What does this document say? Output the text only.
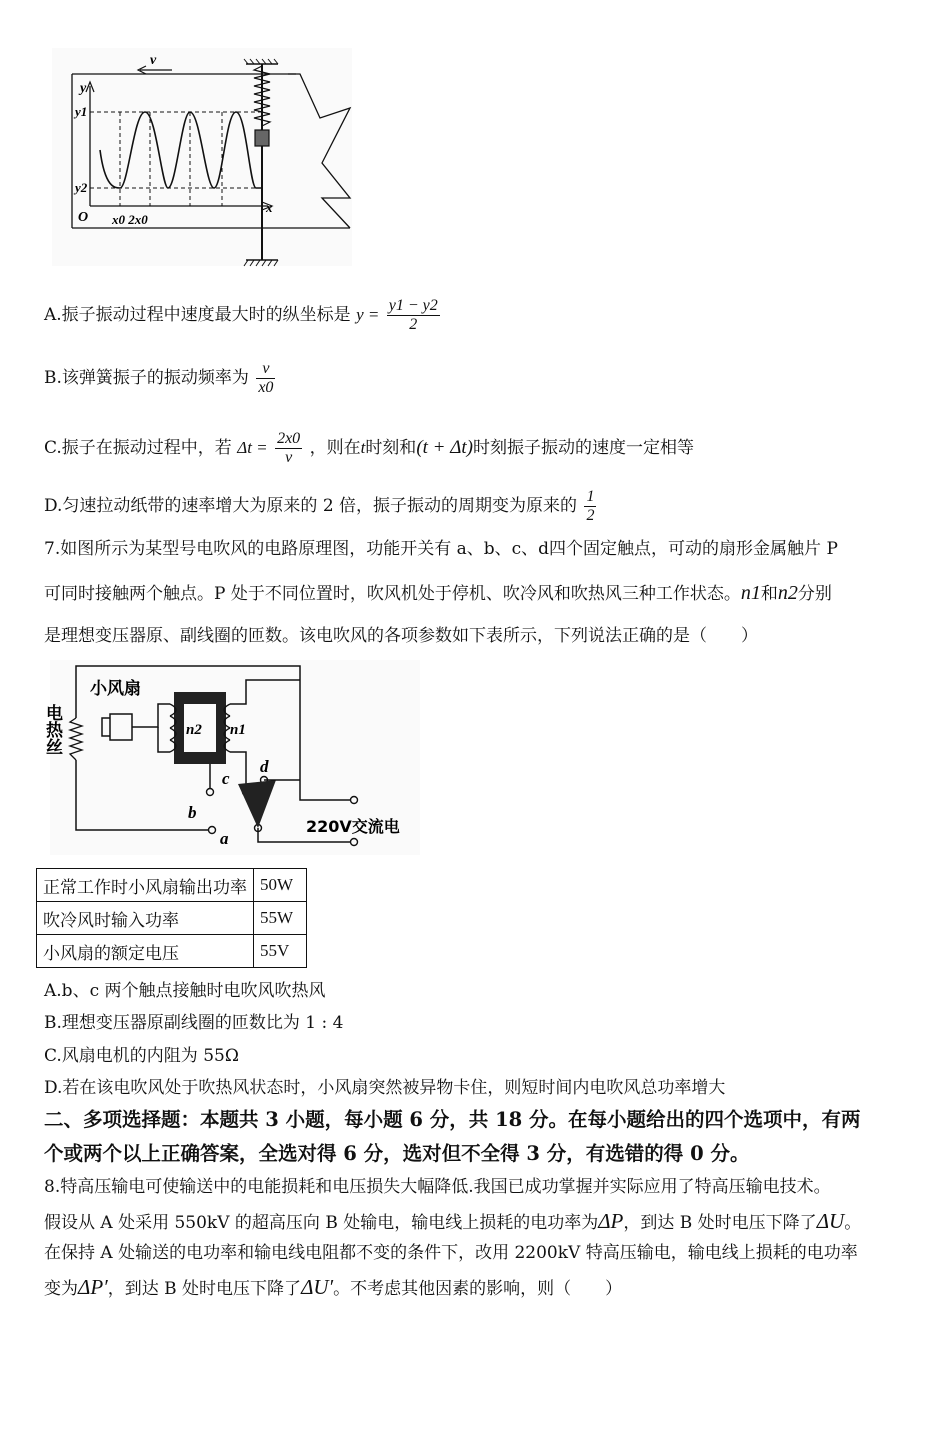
v
y
y1
y2
O x0 2x0
x
A.振子振动过程中速度最大时的纵坐标是 $y = \frac{y1 - y2}{2}$
B.该弹簧振子的振动频率为 $\frac{v}{x0}$
C.振子在振动过程中，若 $\Delta t = \frac{2x0}{v}$ ，则在t时刻和(t + Δt)时刻振子振动的速度一定相等
D.匀速拉动纸带的速率增大为原来的 2 倍，振子振动的周期变为原来的 $\frac{1}{2}$
7.如图所示为某型号电吹风的电路原理图，功能开关有 a、b、c、d四个固定触点，可动的扇形金属触片 P
可同时接触两个触点。P 处于不同位置时，吹风机处于停机、吹冷风和吹热风三种工作状态。n1和n2分别
是理想变压器原、副线圈的匝数。该电吹风的各项参数如下表所示，下列说法正确的是（　　）
电热丝
小风扇
n2 n1
c
d
b
a
220V交流电
正常工作时小风扇输出功率	50W
吹冷风时输入功率	55W
小风扇的额定电压	55V
A.b、c 两个触点接触时电吹风吹热风
B.理想变压器原副线圈的匝数比为 1 : 4
C.风扇电机的内阻为 55Ω
D.若在该电吹风处于吹热风状态时，小风扇突然被异物卡住，则短时间内电吹风总功率增大
二、多项选择题：本题共 3 小题，每小题 6 分，共 18 分。在每小题给出的四个选项中，有两
个或两个以上正确答案，全选对得 6 分，选对但不全得 3 分，有选错的得 0 分。
8.特高压输电可使输送中的电能损耗和电压损失大幅降低.我国已成功掌握并实际应用了特高压输电技术。
假设从 A 处采用 550kV 的超高压向 B 处输电，输电线上损耗的电功率为ΔP，到达 B 处时电压下降了ΔU。
在保持 A 处输送的电功率和输电线电阻都不变的条件下，改用 2200kV 特高压输电，输电线上损耗的电功率
变为ΔP′，到达 B 处时电压下降了ΔU′。不考虑其他因素的影响，则（　　）
